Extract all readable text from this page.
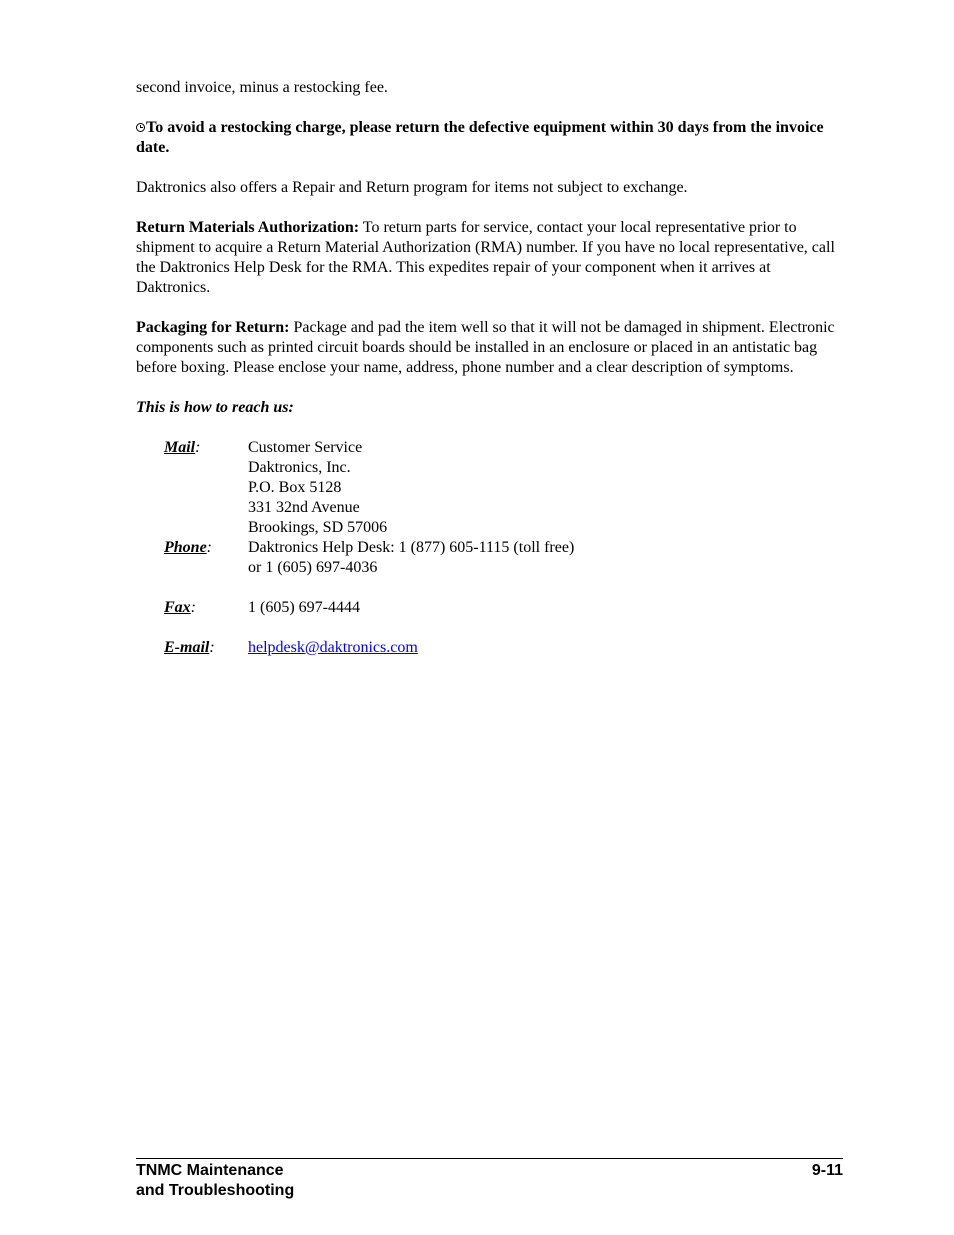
second invoice, minus a restocking fee.

To avoid a restocking charge, please return the defective equipment within 30 days from the invoice date.

Daktronics also offers a Repair and Return program for items not subject to exchange.

Return Materials Authorization: To return parts for service, contact your local representative prior to shipment to acquire a Return Material Authorization (RMA) number. If you have no local representative, call the Daktronics Help Desk for the RMA. This expedites repair of your component when it arrives at Daktronics.

Packaging for Return: Package and pad the item well so that it will not be damaged in shipment. Electronic components such as printed circuit boards should be installed in an enclosure or placed in an antistatic bag before boxing. Please enclose your name, address, phone number and a clear description of symptoms.

This is how to reach us:

Mail:	Customer Service
Daktronics, Inc.
P.O. Box 5128
331 32nd Avenue
Brookings, SD 57006
Phone:	Daktronics Help Desk: 1 (877) 605-1115 (toll free)
or 1 (605) 697-4036
Fax:	1 (605) 697-4444
E-mail:	helpdesk@daktronics.com
TNMC Maintenance
and Troubleshooting
9-11
